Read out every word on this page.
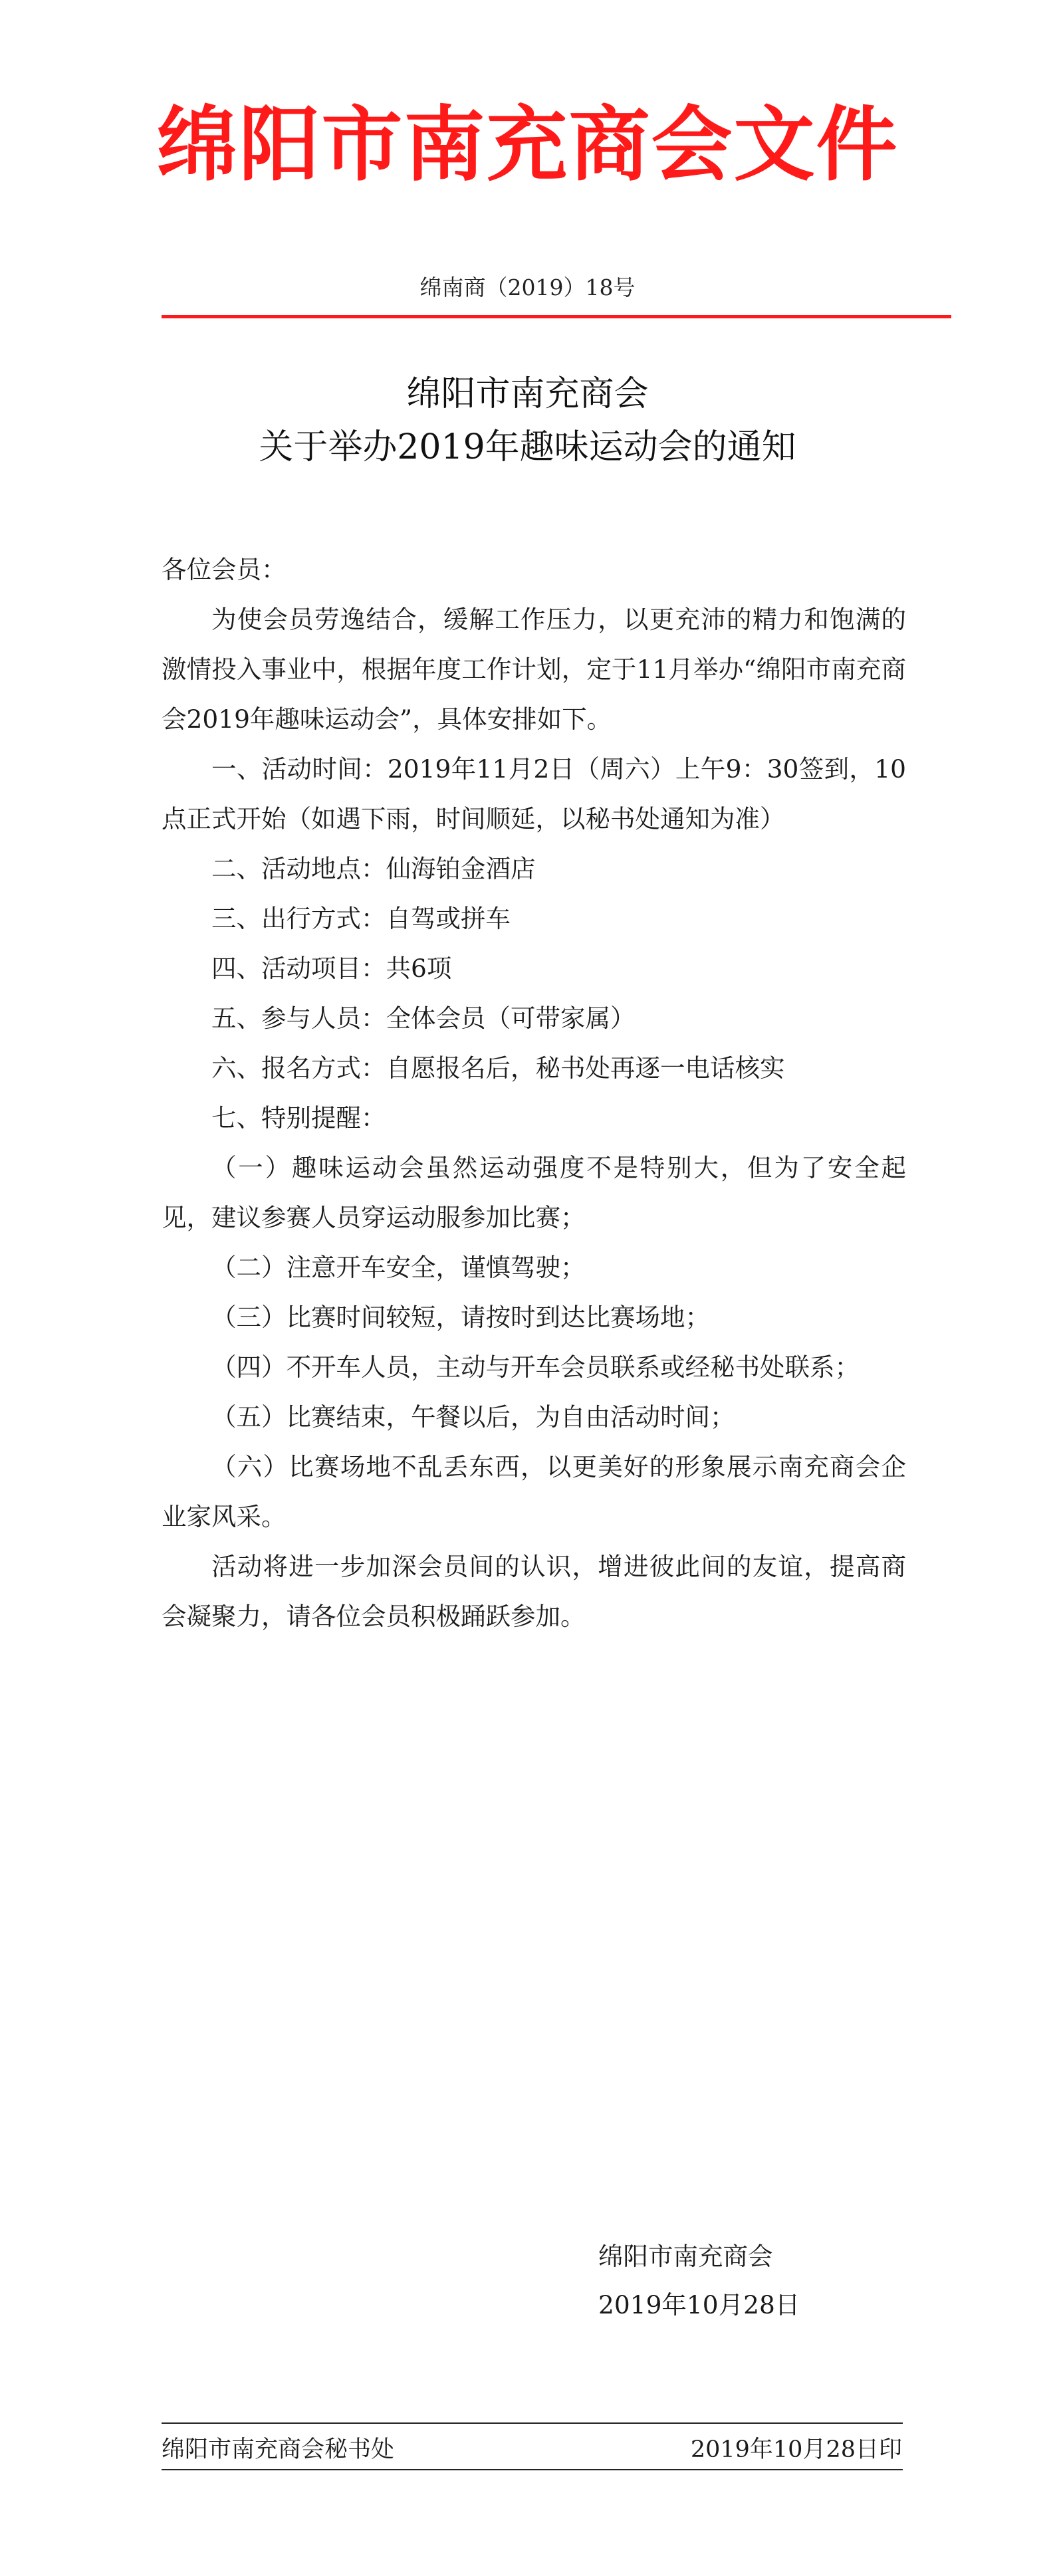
绵阳市南充商会文件
绵南商（2019）18号
绵阳市南充商会
关于举办2019年趣味运动会的通知

各位会员：

为使会员劳逸结合，缓解工作压力，以更充沛的精力和饱满的激情投入事业中，根据年度工作计划，定于11月举办“绵阳市南充商会2019年趣味运动会”，具体安排如下。

一、活动时间：2019年11月2日（周六）上午9：30签到，10点正式开始（如遇下雨，时间顺延，以秘书处通知为准）

二、活动地点：仙海铂金酒店

三、出行方式：自驾或拼车

四、活动项目：共6项

五、参与人员：全体会员（可带家属）

六、报名方式：自愿报名后，秘书处再逐一电话核实

七、特别提醒：

（一）趣味运动会虽然运动强度不是特别大，但为了安全起见，建议参赛人员穿运动服参加比赛；

（二）注意开车安全，谨慎驾驶；

（三）比赛时间较短，请按时到达比赛场地；

（四）不开车人员，主动与开车会员联系或经秘书处联系；

（五）比赛结束，午餐以后，为自由活动时间；

（六）比赛场地不乱丢东西，以更美好的形象展示南充商会企业家风采。

活动将进一步加深会员间的认识，增进彼此间的友谊，提高商会凝聚力，请各位会员积极踊跃参加。

绵阳市南充商会
2019年10月28日
绵阳市南充商会秘书处	2019年10月28日印
